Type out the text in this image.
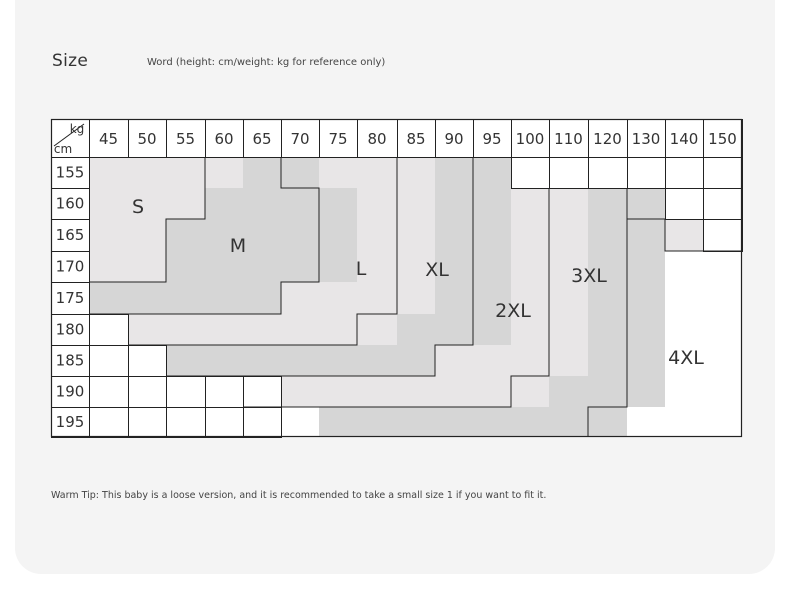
Size	Word (height: cm/weight: kg for reference only)
45 50 55 60 65 70 75 80 85 90 95 100 110 120 130 140 150
155
160
165
170
175
180
185
190
195
kg
cm
S
M
L	XL
2XL
3XL
4XL
Warm Tip: This baby is a loose version, and it is recommended to take a small size 1 if you want to fit it.
